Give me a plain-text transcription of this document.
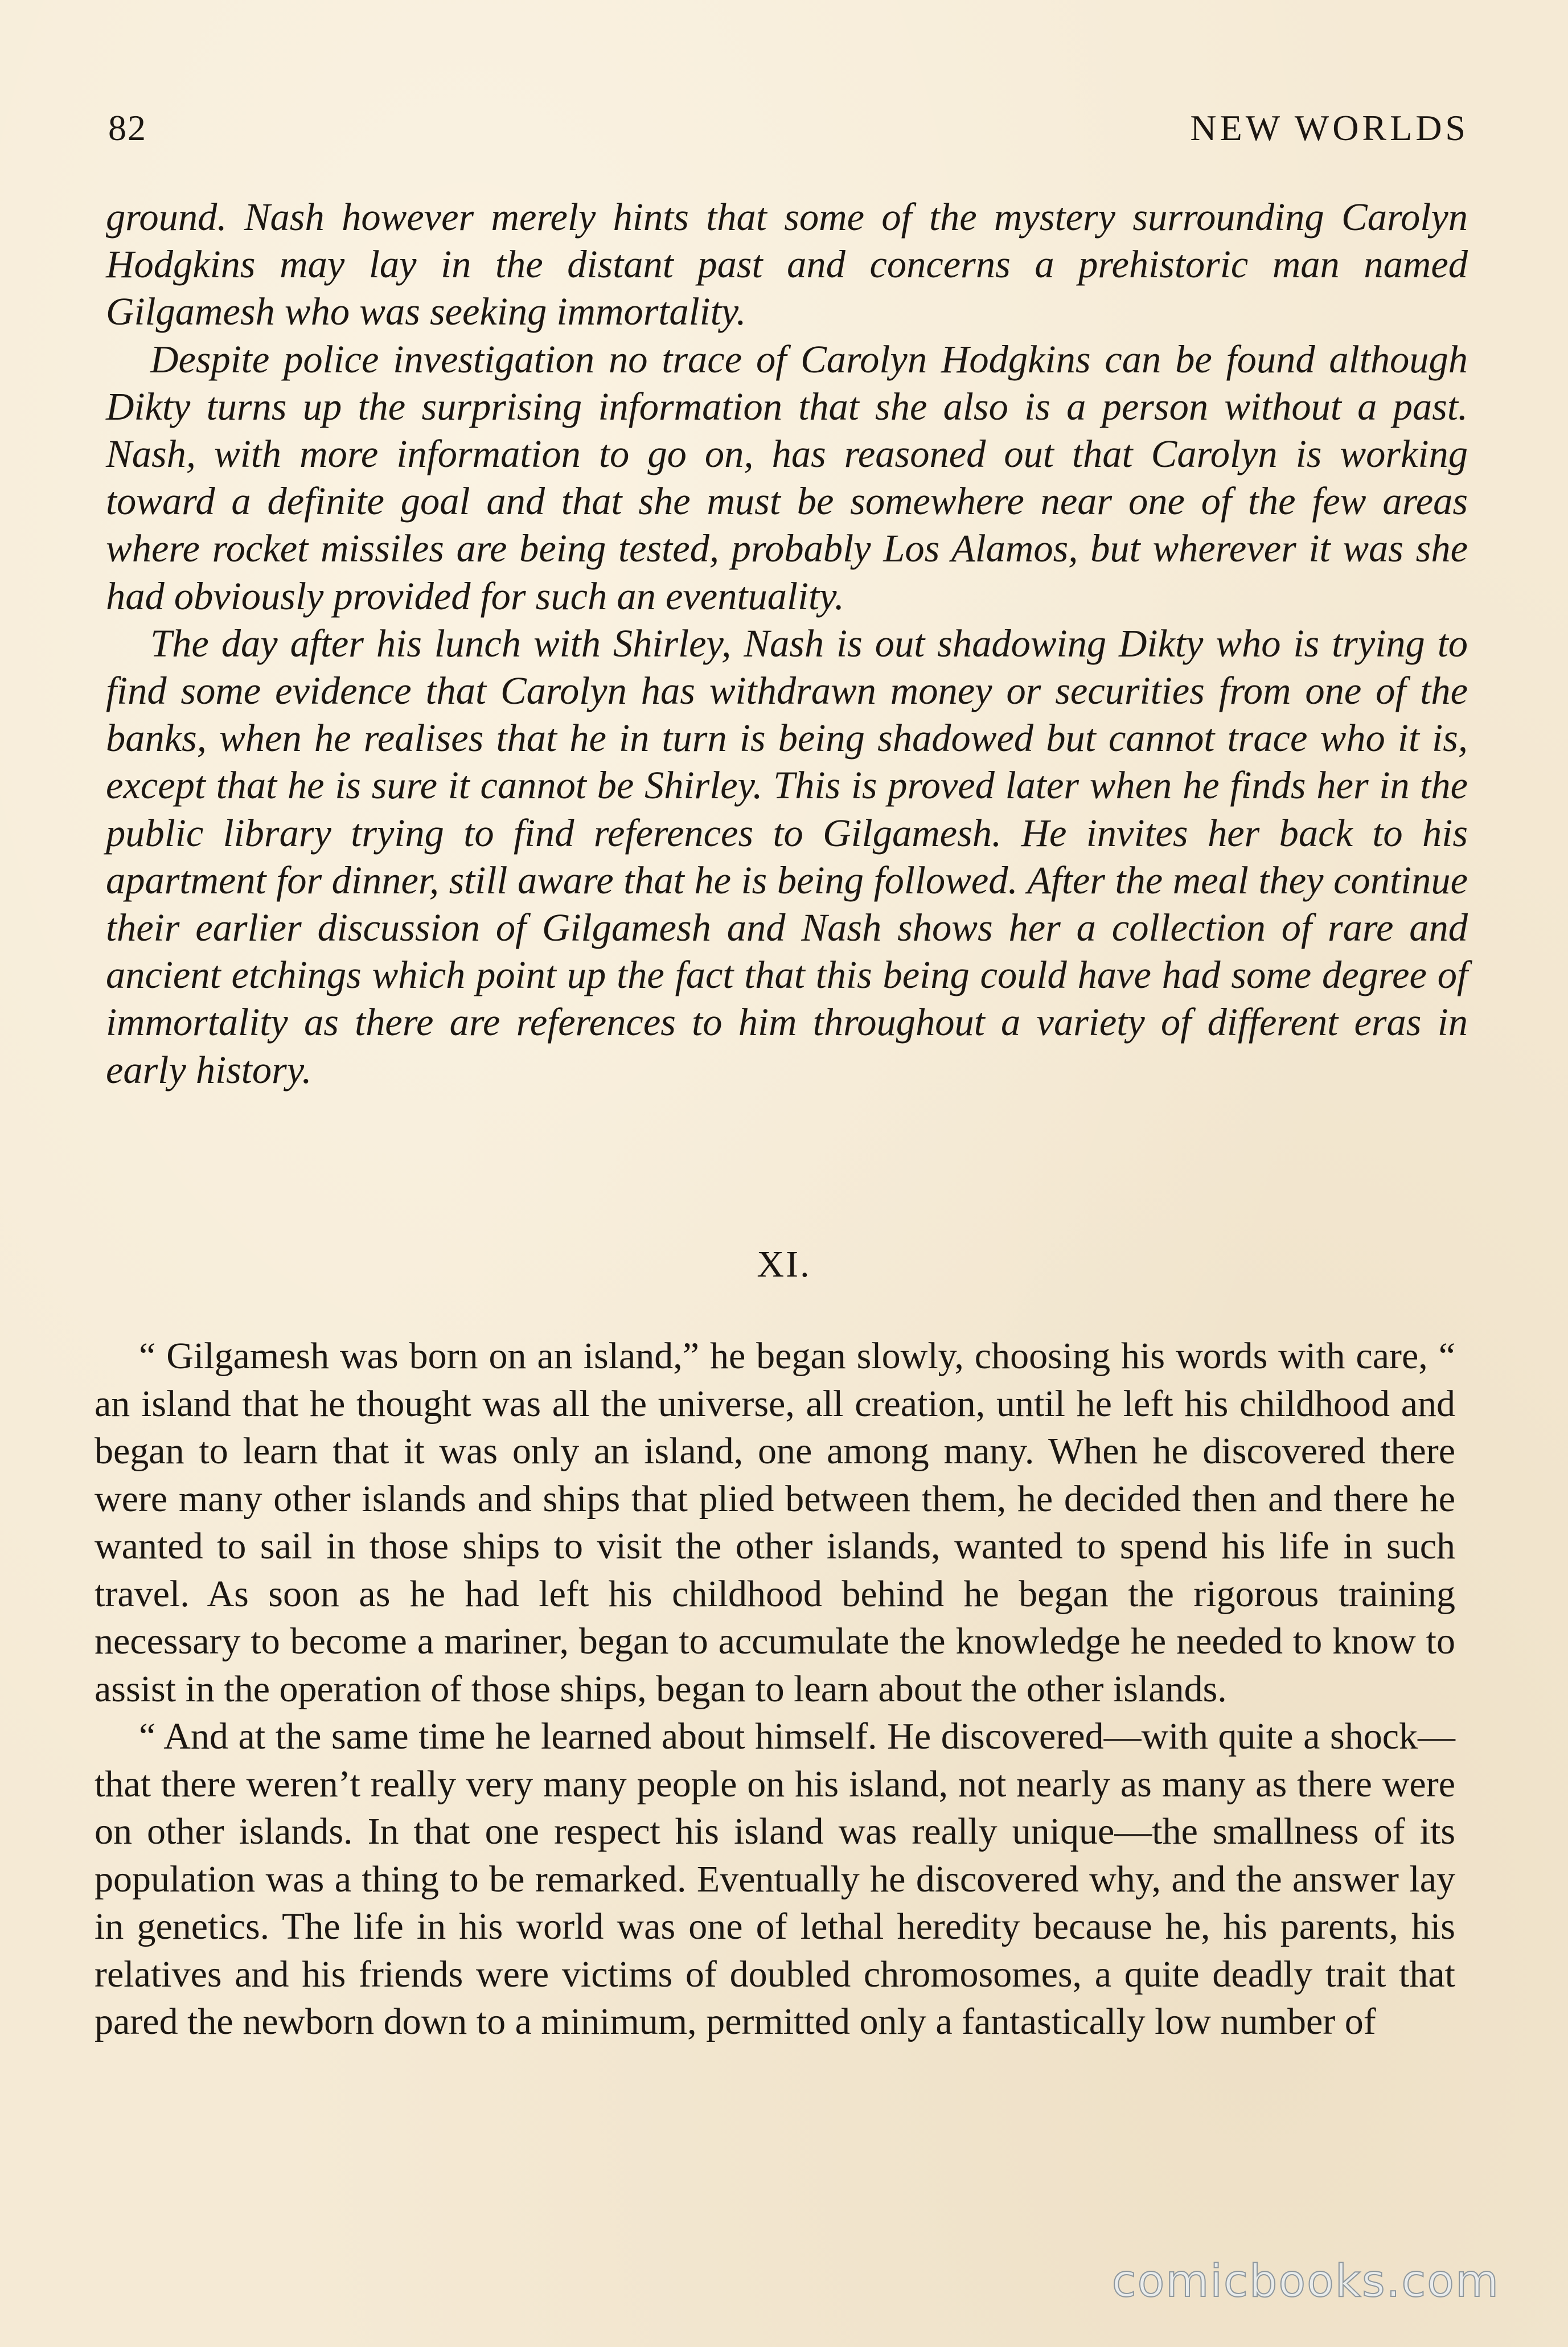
82	NEW WORLDS

ground. Nash however merely hints that some of the mystery surrounding Carolyn Hodgkins may lay in the distant past and concerns a prehistoric man named Gilgamesh who was seeking immortality.

Despite police investigation no trace of Carolyn Hodgkins can be found although Dikty turns up the surprising information that she also is a person without a past. Nash, with more information to go on, has reasoned out that Carolyn is working toward a definite goal and that she must be somewhere near one of the few areas where rocket missiles are being tested, probably Los Alamos, but wherever it was she had obviously provided for such an eventuality.

The day after his lunch with Shirley, Nash is out shadowing Dikty who is trying to find some evidence that Carolyn has withdrawn money or securities from one of the banks, when he realises that he in turn is being shadowed but cannot trace who it is, except that he is sure it cannot be Shirley. This is proved later when he finds her in the public library trying to find references to Gilgamesh. He invites her back to his apartment for dinner, still aware that he is being followed. After the meal they continue their earlier discussion of Gilgamesh and Nash shows her a collection of rare and ancient etchings which point up the fact that this being could have had some degree of immortality as there are references to him throughout a variety of different eras in early history.

XI.

“ Gilgamesh was born on an island,” he began slowly, choosing his words with care, “ an island that he thought was all the universe, all creation, until he left his childhood and began to learn that it was only an island, one among many. When he discovered there were many other islands and ships that plied between them, he decided then and there he wanted to sail in those ships to visit the other islands, wanted to spend his life in such travel. As soon as he had left his childhood behind he began the rigorous training necessary to become a mariner, began to accumulate the knowledge he needed to know to assist in the operation of those ships, began to learn about the other islands.

“ And at the same time he learned about himself. He discovered—with quite a shock—that there weren’t really very many people on his island, not nearly as many as there were on other islands. In that one respect his island was really unique—the smallness of its population was a thing to be remarked. Eventually he discovered why, and the answer lay in genetics. The life in his world was one of lethal heredity because he, his parents, his relatives and his friends were victims of doubled chromosomes, a quite deadly trait that pared the newborn down to a minimum, permitted only a fantastically low number of

comicbooks.com
